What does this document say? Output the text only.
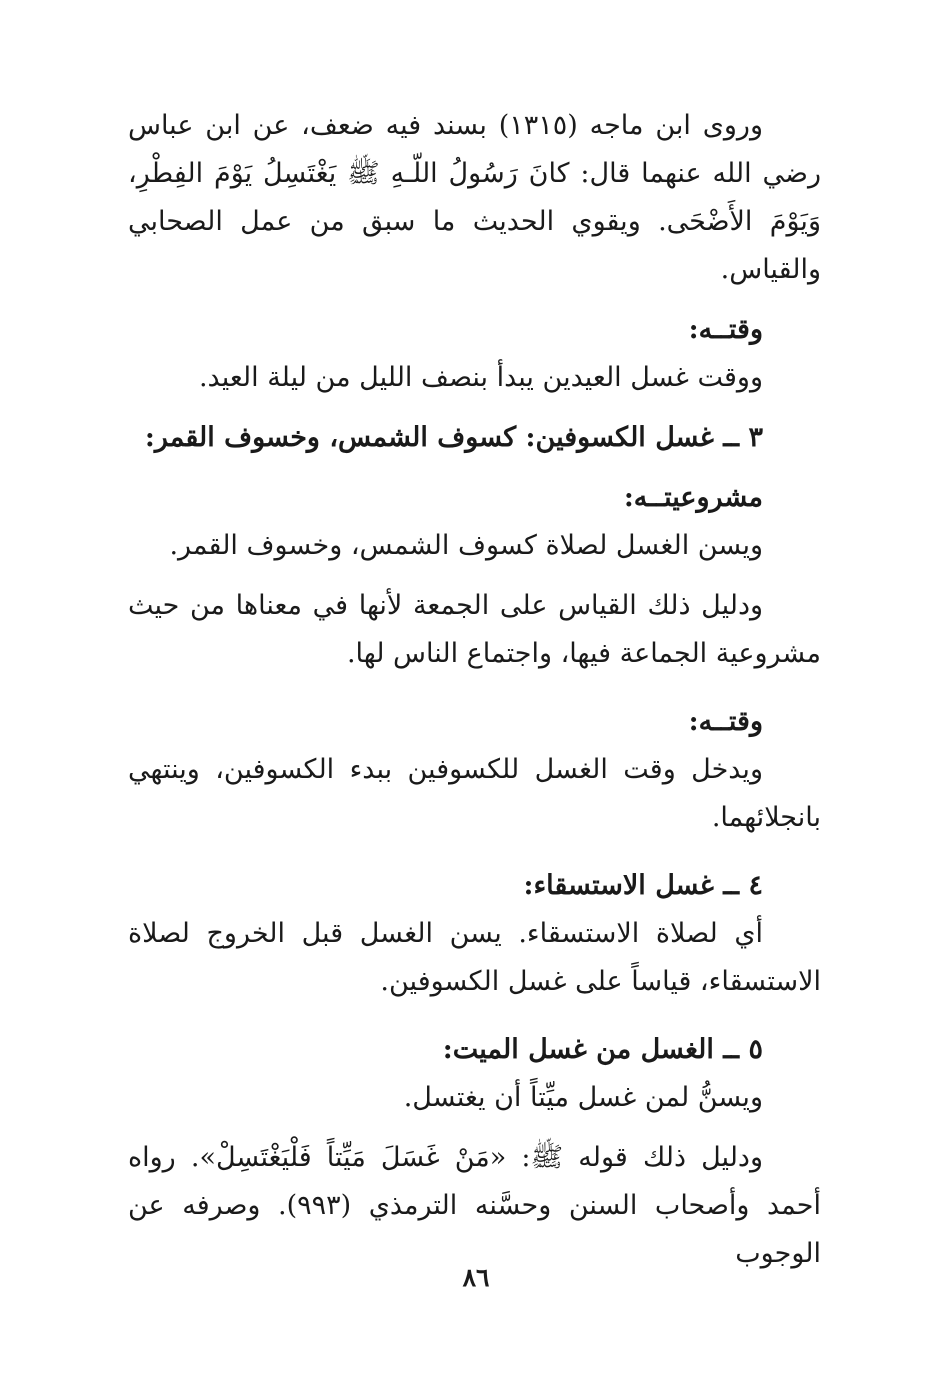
وروى ابن ماجه (١٣١٥) بسند فيه ضعف، عن ابن عباس رضي الله عنهما قال: كانَ رَسُولُ اللّـهِ ﷺ يَغْتَسِلُ يَوْمَ الفِطْرِ، وَيَوْمَ الأَضْحَى. ويقوي الحديث ما سبق من عمل الصحابي والقياس.

وقتــه:

ووقت غسل العيدين يبدأ بنصف الليل من ليلة العيد.

٣ ــ غسل الكسوفين: كسوف الشمس، وخسوف القمر:

مشروعيتــه:

ويسن الغسل لصلاة كسوف الشمس، وخسوف القمر.

ودليل ذلك القياس على الجمعة لأنها في معناها من حيث مشروعية الجماعة فيها، واجتماع الناس لها.

وقتــه:

ويدخل وقت الغسل للكسوفين ببدء الكسوفين، وينتهي بانجلائهما.

٤ ــ غسل الاستسقاء:

أي لصلاة الاستسقاء. يسن الغسل قبل الخروج لصلاة الاستسقاء، قياساً على غسل الكسوفين.

٥ ــ الغسل من غسل الميت:

ويسنُّ لمن غسل ميِّتاً أن يغتسل.

ودليل ذلك قوله ﷺ: «مَنْ غَسَلَ مَيِّتاً فَلْيَغْتَسِلْ». رواه أحمد وأصحاب السنن وحسَّنه الترمذي (٩٩٣). وصرفه عن الوجوب

٨٦
